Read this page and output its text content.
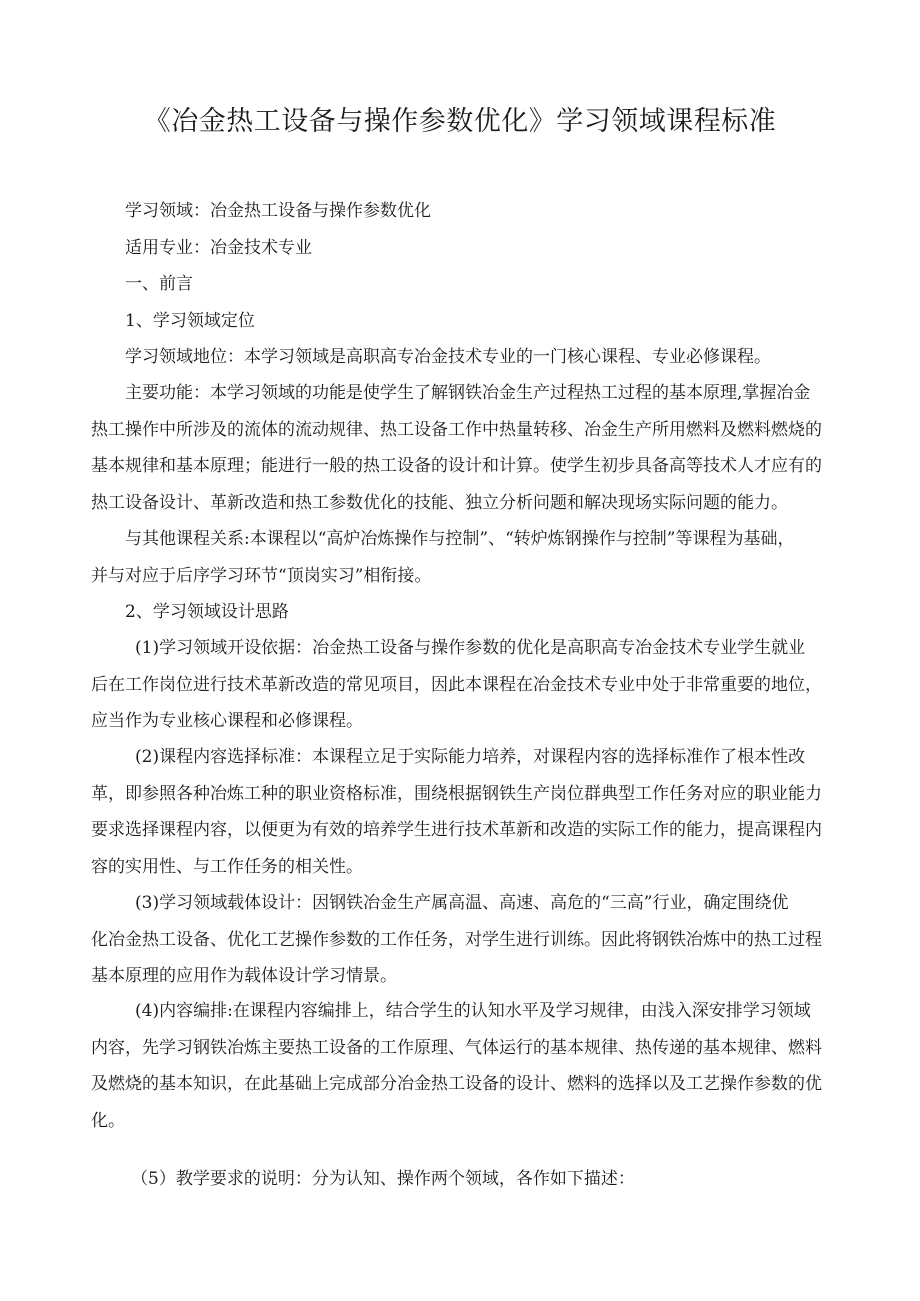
《冶金热工设备与操作参数优化》学习领域课程标准
学习领域：冶金热工设备与操作参数优化
适用专业：冶金技术专业
一、前言
1、学习领域定位
学习领域地位：本学习领域是高职高专冶金技术专业的一门核心课程、专业必修课程。
主要功能：本学习领域的功能是使学生了解钢铁冶金生产过程热工过程的基本原理,掌握冶金
热工操作中所涉及的流体的流动规律、热工设备工作中热量转移、冶金生产所用燃料及燃料燃烧的
基本规律和基本原理；能进行一般的热工设备的设计和计算。使学生初步具备高等技术人才应有的
热工设备设计、革新改造和热工参数优化的技能、独立分析问题和解决现场实际问题的能力。
与其他课程关系:本课程以“高炉冶炼操作与控制”、“转炉炼钢操作与控制”等课程为基础，
并与对应于后序学习环节“顶岗实习”相衔接。
2、学习领域设计思路
(1)学习领域开设依据：冶金热工设备与操作参数的优化是高职高专冶金技术专业学生就业
后在工作岗位进行技术革新改造的常见项目，因此本课程在冶金技术专业中处于非常重要的地位，
应当作为专业核心课程和必修课程。
(2)课程内容选择标准：本课程立足于实际能力培养，对课程内容的选择标准作了根本性改
革，即参照各种冶炼工种的职业资格标准，围绕根据钢铁生产岗位群典型工作任务对应的职业能力
要求选择课程内容，以便更为有效的培养学生进行技术革新和改造的实际工作的能力，提高课程内
容的实用性、与工作任务的相关性。
(3)学习领域载体设计：因钢铁冶金生产属高温、高速、高危的“三高”行业，确定围绕优
化冶金热工设备、优化工艺操作参数的工作任务，对学生进行训练。因此将钢铁冶炼中的热工过程
基本原理的应用作为载体设计学习情景。
(4)内容编排:在课程内容编排上，结合学生的认知水平及学习规律，由浅入深安排学习领域
内容，先学习钢铁冶炼主要热工设备的工作原理、气体运行的基本规律、热传递的基本规律、燃料
及燃烧的基本知识，在此基础上完成部分冶金热工设备的设计、燃料的选择以及工艺操作参数的优
化。
（5）教学要求的说明：分为认知、操作两个领域，各作如下描述：
